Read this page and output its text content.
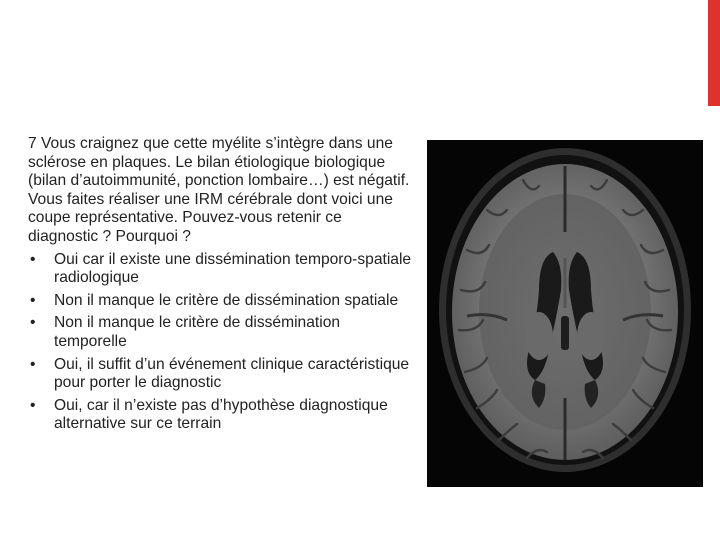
7 Vous craignez que cette myélite s’intègre dans une sclérose en plaques. Le bilan étiologique biologique (bilan d’autoimmunité, ponction lombaire…) est négatif. Vous faites réaliser une IRM cérébrale dont voici une coupe représentative. Pouvez-vous retenir ce diagnostic ? Pourquoi ?

• Oui car il existe une dissémination temporo-spatiale radiologique
• Non il manque le critère de dissémination spatiale
• Non il manque le critère de dissémination temporelle
• Oui, il suffit d’un événement clinique caractéristique pour porter le diagnostic
• Oui, car il n’existe pas d’hypothèse diagnostique alternative sur ce terrain
